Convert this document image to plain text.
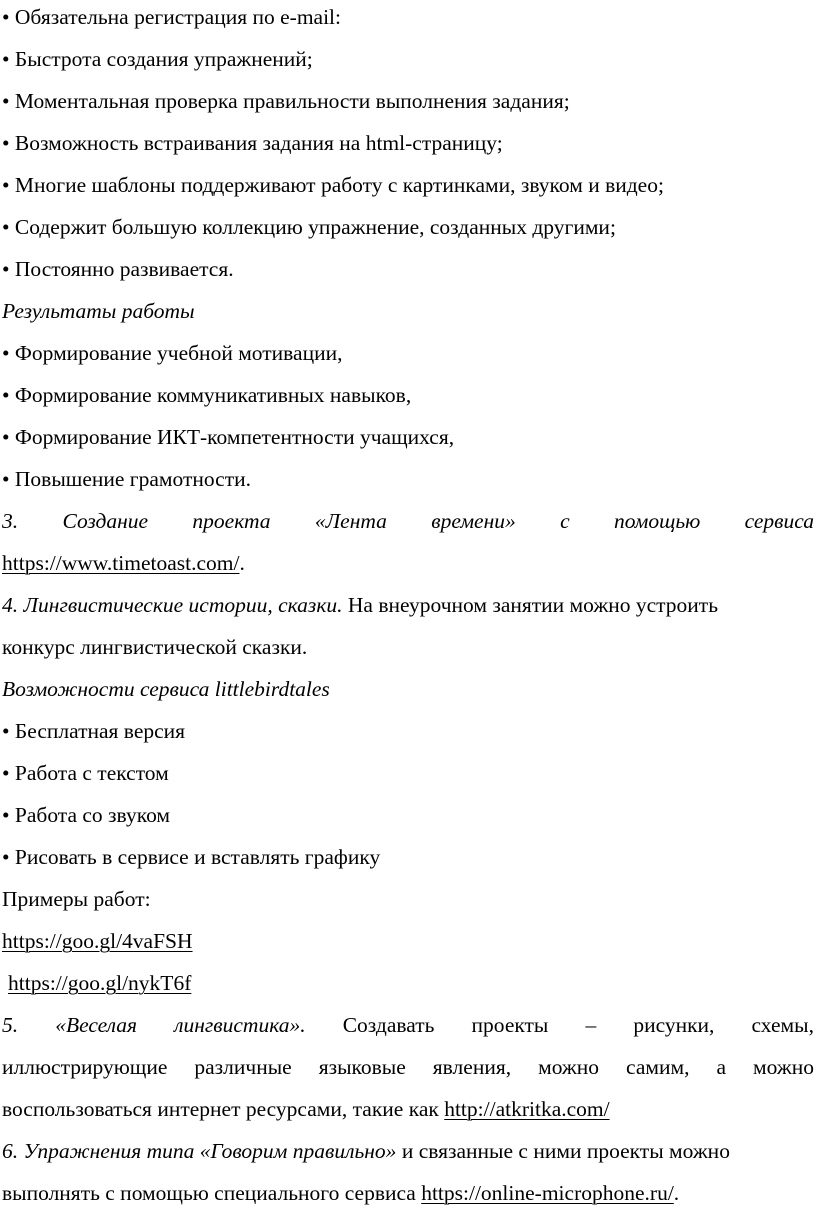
• Обязательна регистрация по e-mail:
• Быстрота создания упражнений;
• Моментальная проверка правильности выполнения задания;
• Возможность встраивания задания на html-страницу;
• Многие шаблоны поддерживают работу с картинками, звуком и видео;
• Содержит большую коллекцию упражнение, созданных другими;
• Постоянно развивается.
Результаты работы
• Формирование учебной мотивации,
• Формирование коммуникативных навыков,
• Формирование ИКТ-компетентности учащихся,
• Повышение грамотности.
3. Создание проекта «Лента времени» с помощью сервиса
https://www.timetoast.com/.
4. Лингвистические истории, сказки. На внеурочном занятии можно устроить
конкурс лингвистической сказки.
Возможности сервиса littlebirdtales
• Бесплатная версия
• Работа с текстом
• Работа со звуком
• Рисовать в сервисе и вставлять графику
Примеры работ:
https://goo.gl/4vaFSH
https://goo.gl/nykT6f
5. «Веселая лингвистика». Создавать проекты – рисунки, схемы,
иллюстрирующие различные языковые явления, можно самим, а можно
воспользоваться интернет ресурсами, такие как http://atkritka.com/
6. Упражнения типа «Говорим правильно» и связанные с ними проекты можно
выполнять с помощью специального сервиса https://online-microphone.ru/.
